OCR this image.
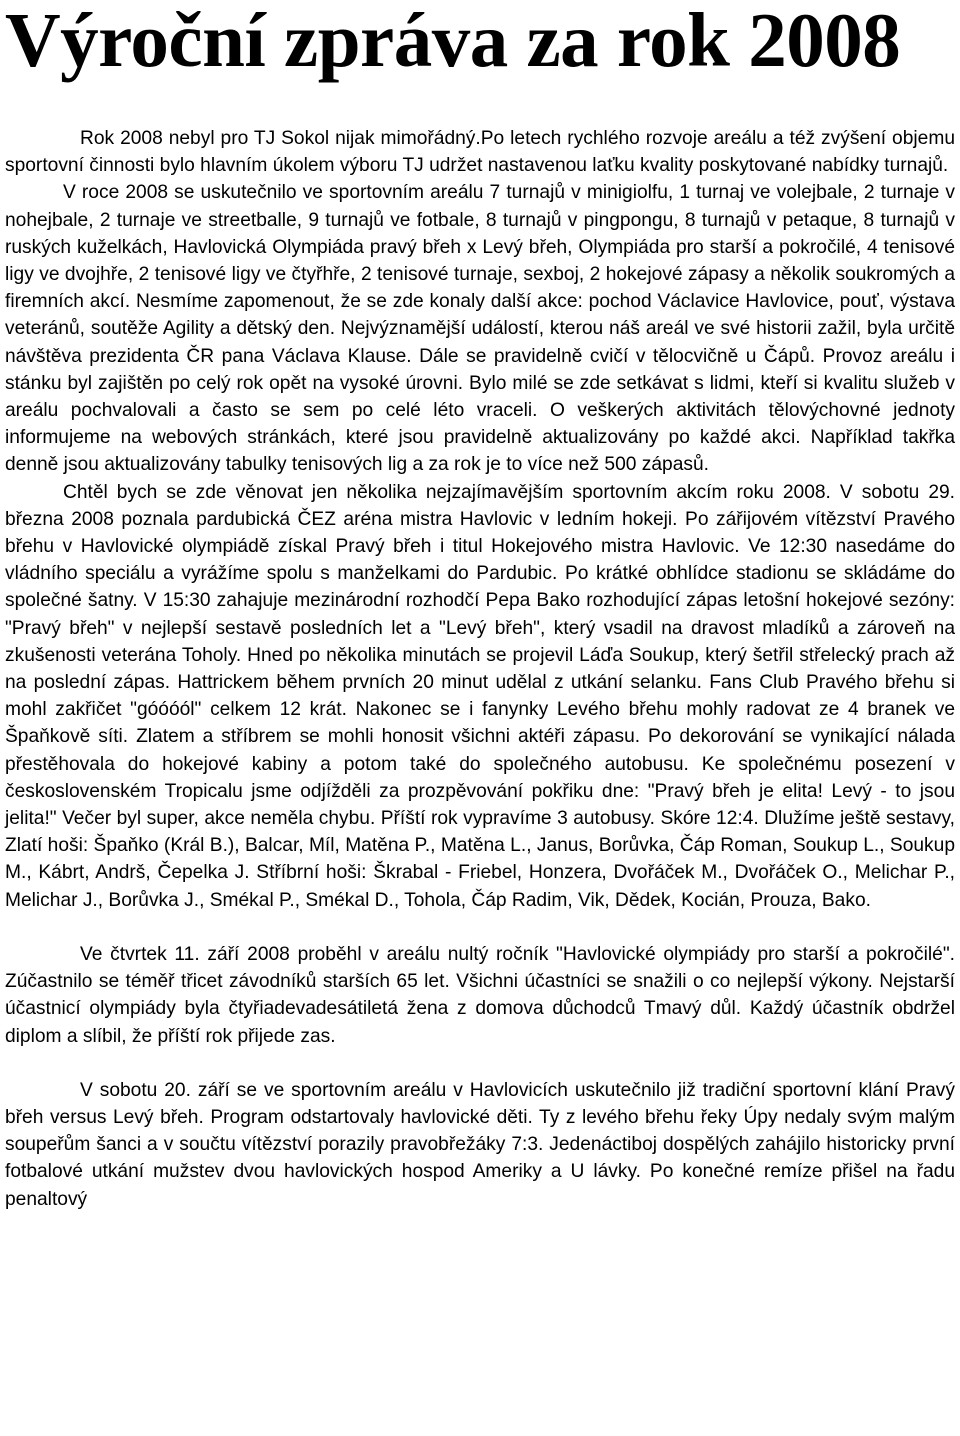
Výroční zpráva za rok 2008

Rok 2008 nebyl pro TJ Sokol nijak mimořádný.Po letech rychlého rozvoje areálu a též zvýšení objemu sportovní činnosti bylo hlavním úkolem výboru TJ udržet nastavenou laťku kvality poskytované nabídky turnajů.

V roce 2008 se uskutečnilo ve sportovním areálu 7 turnajů v minigiolfu, 1 turnaj ve volejbale, 2 turnaje v nohejbale, 2 turnaje ve streetballe, 9 turnajů ve fotbale, 8 turnajů v pingpongu, 8 turnajů v petaque, 8 turnajů v ruských kuželkách, Havlovická Olympiáda pravý břeh x Levý břeh, Olympiáda pro starší a pokročilé, 4 tenisové ligy ve dvojhře, 2 tenisové ligy ve čtyřhře, 2 tenisové turnaje, sexboj, 2 hokejové zápasy a několik soukromých a firemních akcí. Nesmíme zapomenout, že se zde konaly další akce: pochod Václavice Havlovice, pouť, výstava veteránů, soutěže Agility a dětský den. Nejvýznamější událostí, kterou náš areál ve své historii zažil, byla určitě návštěva prezidenta ČR pana Václava Klause. Dále se pravidelně cvičí v tělocvičně u Čápů. Provoz areálu i stánku byl zajištěn po celý rok opět na vysoké úrovni. Bylo milé se zde setkávat s lidmi, kteří si kvalitu služeb v areálu pochvalovali a často se sem po celé léto vraceli. O veškerých aktivitách tělovýchovné jednoty informujeme na webových stránkách, které jsou pravidelně aktualizovány po každé akci. Například takřka denně jsou aktualizovány tabulky tenisových lig a za rok je to více než 500 zápasů.

Chtěl bych se zde věnovat jen několika nejzajímavějším sportovním akcím roku 2008. V sobotu 29. března 2008 poznala pardubická ČEZ aréna mistra Havlovic v ledním hokeji. Po zářijovém vítězství Pravého břehu v Havlovické olympiádě získal Pravý břeh i titul Hokejového mistra Havlovic. Ve 12:30 nasedáme do vládního speciálu a vyrážíme spolu s manželkami do Pardubic. Po krátké obhlídce stadionu se skládáme do společné šatny. V 15:30 zahajuje mezinárodní rozhodčí Pepa Bako rozhodující zápas letošní hokejové sezóny: "Pravý břeh" v nejlepší sestavě posledních let a "Levý břeh", který vsadil na dravost mladíků a zároveň na zkušenosti veterána Toholy. Hned po několika minutách se projevil Láďa Soukup, který šetřil střelecký prach až na poslední zápas. Hattrickem během prvních 20 minut udělal z utkání selanku. Fans Club Pravého břehu si mohl zakřičet "góóóól" celkem 12 krát. Nakonec se i fanynky Levého břehu mohly radovat ze 4 branek ve Špaňkově síti. Zlatem a stříbrem se mohli honosit všichni aktéři zápasu. Po dekorování se vynikající nálada přestěhovala do hokejové kabiny a potom také do společného autobusu. Ke společnému posezení v československém Tropicalu jsme odjížděli za prozpěvování pokřiku dne: "Pravý břeh je elita! Levý - to jsou jelita!" Večer byl super, akce neměla chybu. Příští rok vypravíme 3 autobusy. Skóre 12:4. Dlužíme ještě sestavy, Zlatí hoši: Špaňko (Král B.), Balcar, Míl, Matěna P., Matěna L., Janus, Borůvka, Čáp Roman, Soukup L., Soukup M., Kábrt, Andrš, Čepelka J. Stříbrní hoši: Škrabal - Friebel, Honzera, Dvořáček M., Dvořáček O., Melichar P., Melichar J., Borůvka J., Smékal P., Smékal D., Tohola, Čáp Radim, Vik, Dědek, Kocián, Prouza, Bako.

Ve čtvrtek 11. září 2008 proběhl v areálu nultý ročník "Havlovické olympiády pro starší a pokročilé". Zúčastnilo se téměř třicet závodníků starších 65 let. Všichni účastníci se snažili o co nejlepší výkony. Nejstarší účastnicí olympiády byla čtyřiadevadesátiletá žena z domova důchodců Tmavý důl. Každý účastník obdržel diplom a slíbil, že příští rok přijede zas.

V sobotu 20. září se ve sportovním areálu v Havlovicích uskutečnilo již tradiční sportovní klání Pravý břeh versus Levý břeh. Program odstartovaly havlovické děti. Ty z levého břehu řeky Úpy nedaly svým malým soupeřům šanci a v součtu vítězství porazily pravobřežáky 7:3. Jedenáctiboj dospělých zahájilo historicky první fotbalové utkání mužstev dvou havlovických hospod Ameriky a U lávky. Po konečné remíze přišel na řadu penaltový
